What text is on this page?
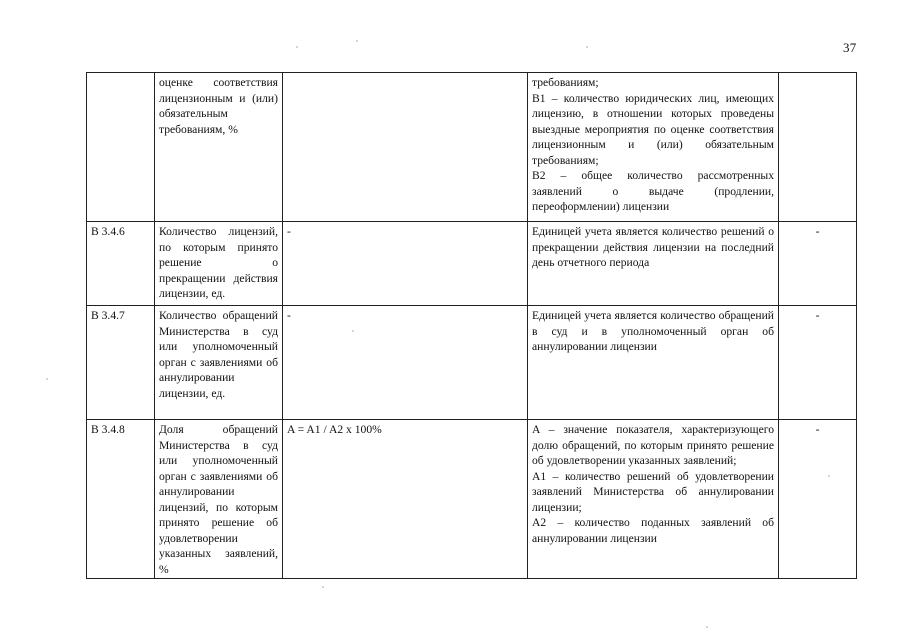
37
	оценке соответствия лицензионным и (или) обязательным требованиям, %		требованиям;
B1 – количество юридических лиц, имеющих лицензию, в отношении которых проведены выездные мероприятия по оценке соответствия лицензионным и (или) обязательным требованиям;
B2 – общее количество рассмотренных заявлений о выдаче (продлении, переоформлении) лицензии	

B 3.4.6	Количество лицензий, по которым принято решение о прекращении действия лицензии, ед.	-	Единицей учета является количество решений о прекращении действия лицензии на последний день отчетного периода	-
B 3.4.7	Количество обращений Министерства в суд или уполномоченный орган с заявлениями об аннулировании лицензии, ед.	-	Единицей учета является количество обращений в суд и в уполномоченный орган об аннулировании лицензии	-
B 3.4.8	Доля обращений Министерства в суд или уполномоченный орган с заявлениями об аннулировании лицензий, по которым принято решение об удовлетворении указанных заявлений, %	A = A1 / A2 x 100%	A – значение показателя, характеризующего долю обращений, по которым принято решение об удовлетворении указанных заявлений;
A1 – количество решений об удовлетворении заявлений Министерства об аннулировании лицензии;
A2 – количество поданных заявлений об аннулировании лицензии	-
